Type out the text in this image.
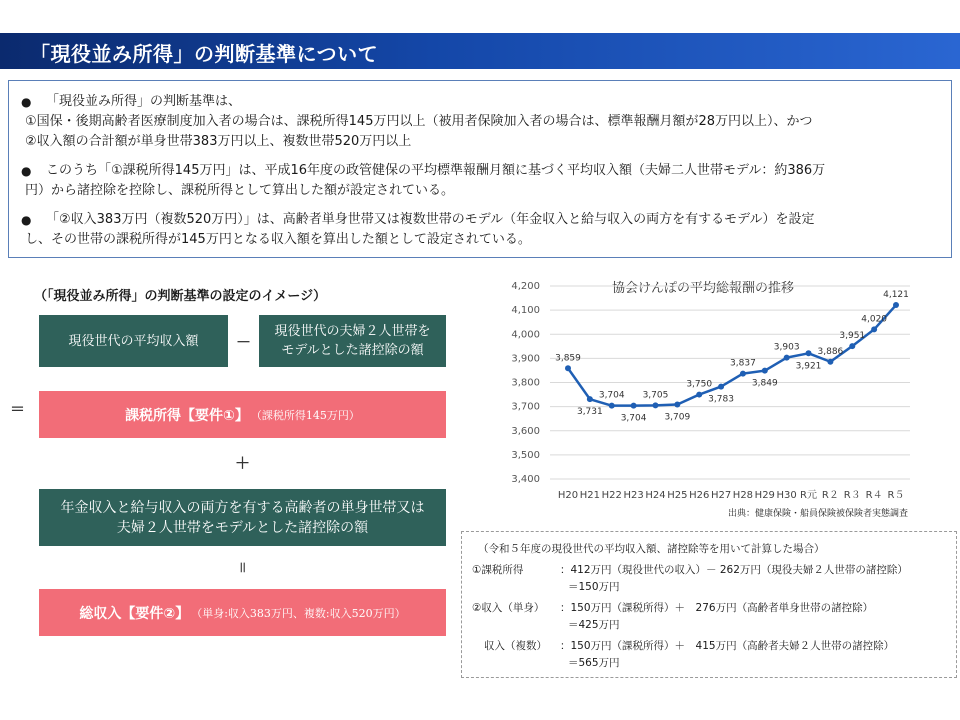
「現役並み所得」の判断基準について
● 「現役並み所得」の判断基準は、
①国保・後期高齢者医療制度加入者の場合は、課税所得145万円以上（被用者保険加入者の場合は、標準報酬月額が28万円以上）、かつ
②収入額の合計額が単身世帯383万円以上、複数世帯520万円以上
● このうち「①課税所得145万円」は、平成16年度の政管健保の平均標準報酬月額に基づく平均収入額（夫婦二人世帯モデル：約386万
円）から諸控除を控除し、課税所得として算出した額が設定されている。
● 「②収入383万円（複数520万円）」は、高齢者単身世帯又は複数世帯のモデル（年金収入と給与収入の両方を有するモデル）を設定
し、その世帯の課税所得が145万円となる収入額を算出した額として設定されている。
（「現役並み所得」の判断基準の設定のイメージ）
現役世代の平均収入額	－
現役世代の夫婦２人世帯を
モデルとした諸控除の額
＝	課税所得【要件①】 （課税所得145万円）
＋
年金収入と給与収入の両方を有する高齢者の単身世帯又は
夫婦２人世帯をモデルとした諸控除の額
＝
総収入【要件②】 （単身:収入383万円、複数:収入520万円）
協会けんぽの平均総報酬の推移
4,200
4,100
4,000
3,900
3,800
3,700
3,600
3,500
3,400
H20 H21 H22 H23 H24 H25 H26 H27 H28 H29 H30 R元 R２ R３ R４ R５
3,859
3,731
3,704
3,704
3,705
3,709
3,750
3,783
3,837
3,849
3,903
3,921
3,886
3,951
4,020
4,121
出典：健康保険・船員保険被保険者実態調査
（令和５年度の現役世代の平均収入額、諸控除等を用いて計算した場合）
①課税所得	：412万円（現役世代の収入）－ 262万円（現役夫婦２人世帯の諸控除）
＝150万円
②収入（単身） ：150万円（課税所得）＋　276万円（高齢者単身世帯の諸控除）
＝425万円
収入（複数） ：150万円（課税所得）＋　415万円（高齢者夫婦２人世帯の諸控除）
＝565万円
